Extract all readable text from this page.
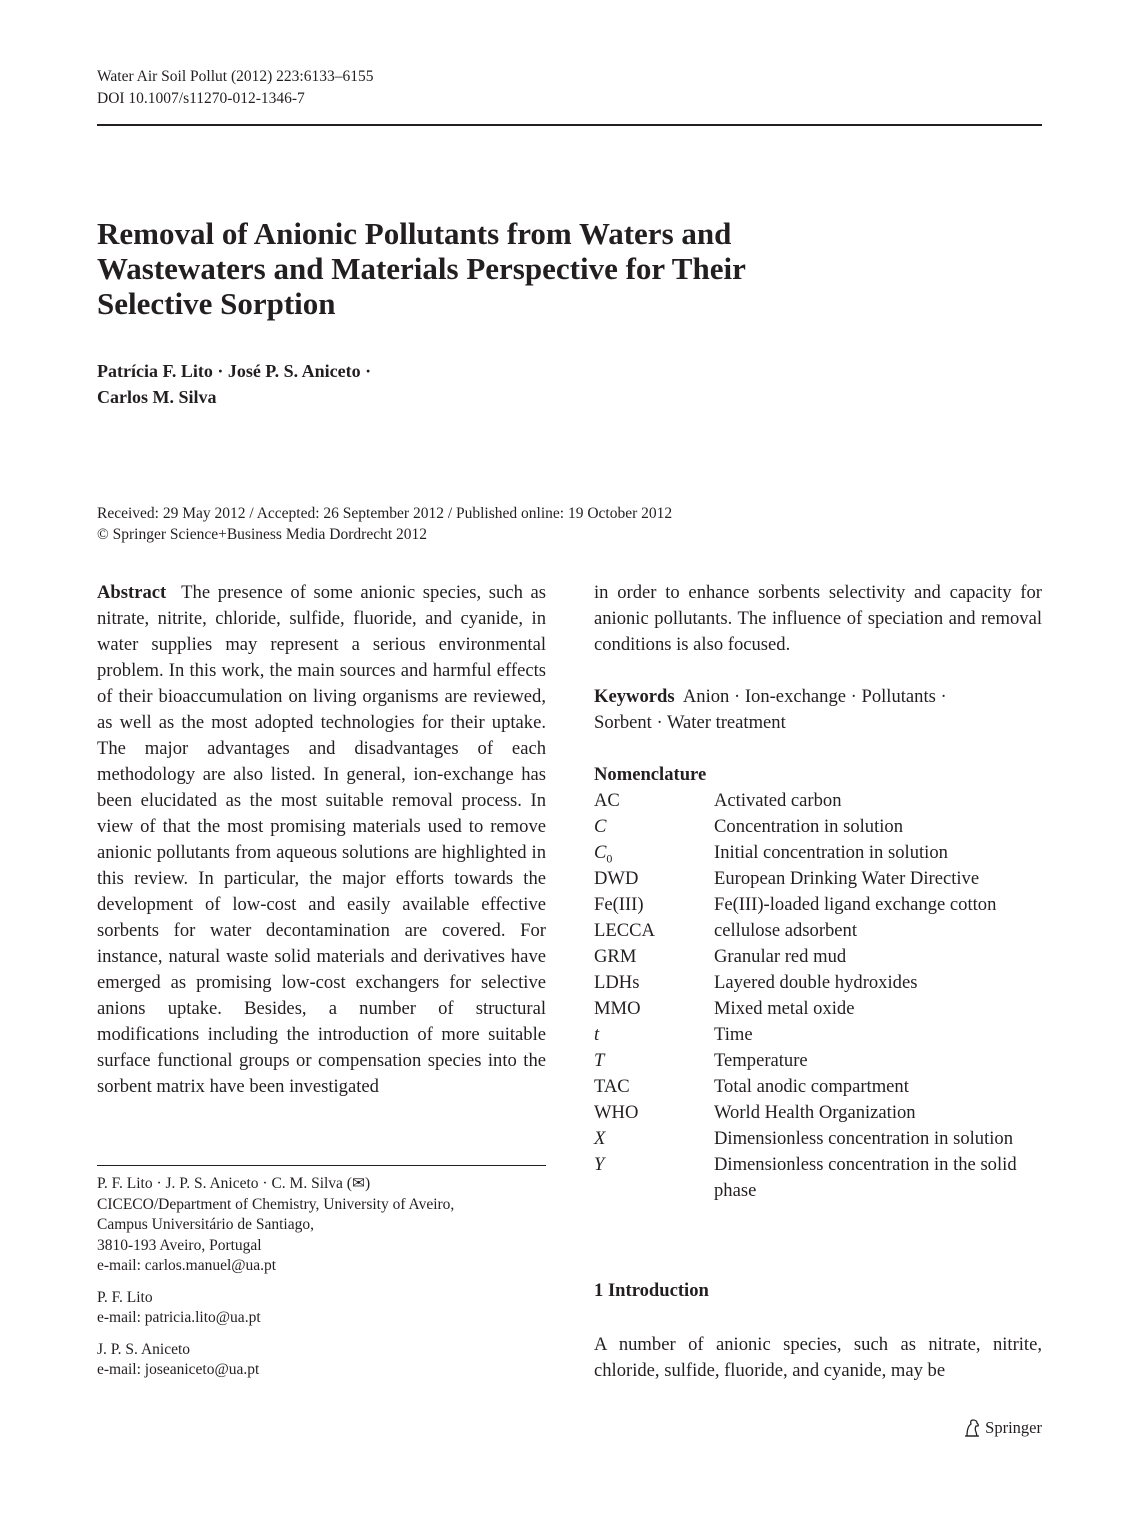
Water Air Soil Pollut (2012) 223:6133–6155
DOI 10.1007/s11270-012-1346-7
Removal of Anionic Pollutants from Waters and Wastewaters and Materials Perspective for Their Selective Sorption
Patrícia F. Lito · José P. S. Aniceto ·
Carlos M. Silva
Received: 29 May 2012 / Accepted: 26 September 2012 / Published online: 19 October 2012
© Springer Science+Business Media Dordrecht 2012

Abstract The presence of some anionic species, such as nitrate, nitrite, chloride, sulfide, fluoride, and cyanide, in water supplies may represent a serious environmental problem. In this work, the main sources and harmful effects of their bioaccumulation on living organisms are reviewed, as well as the most adopted technologies for their uptake. The major advantages and disadvantages of each methodology are also listed. In general, ion-exchange has been elucidated as the most suitable removal process. In view of that the most promising materials used to remove anionic pollutants from aqueous solutions are highlighted in this review. In particular, the major efforts towards the development of low-cost and easily available effective sorbents for water decontamination are covered. For instance, natural waste solid materials and derivatives have emerged as promising low-cost exchangers for selective anions uptake. Besides, a number of structural modifications including the introduction of more suitable surface functional groups or compensation species into the sorbent matrix have been investigated

in order to enhance sorbents selectivity and capacity for anionic pollutants. The influence of speciation and removal conditions is also focused.

Keywords Anion · Ion-exchange · Pollutants ·
Sorbent · Water treatment

Nomenclature

AC	Activated carbon
C	Concentration in solution
$C_0$	Initial concentration in solution
DWD	European Drinking Water Directive
Fe(III)	Fe(III)-loaded ligand exchange cotton
LECCA	cellulose adsorbent
GRM	Granular red mud
LDHs	Layered double hydroxides
MMO	Mixed metal oxide
t	Time
T	Temperature
TAC	Total anodic compartment
WHO	World Health Organization
X	Dimensionless concentration in solution
Y	Dimensionless concentration in the solid phase

P. F. Lito · J. P. S. Aniceto · C. M. Silva (✉)
CICECO/Department of Chemistry, University of Aveiro,
Campus Universitário de Santiago,
3810-193 Aveiro, Portugal
e-mail: carlos.manuel@ua.pt

P. F. Lito
e-mail: patricia.lito@ua.pt

J. P. S. Aniceto
e-mail: joseaniceto@ua.pt

1 Introduction
A number of anionic species, such as nitrate, nitrite, chloride, sulfide, fluoride, and cyanide, may be
Springer
